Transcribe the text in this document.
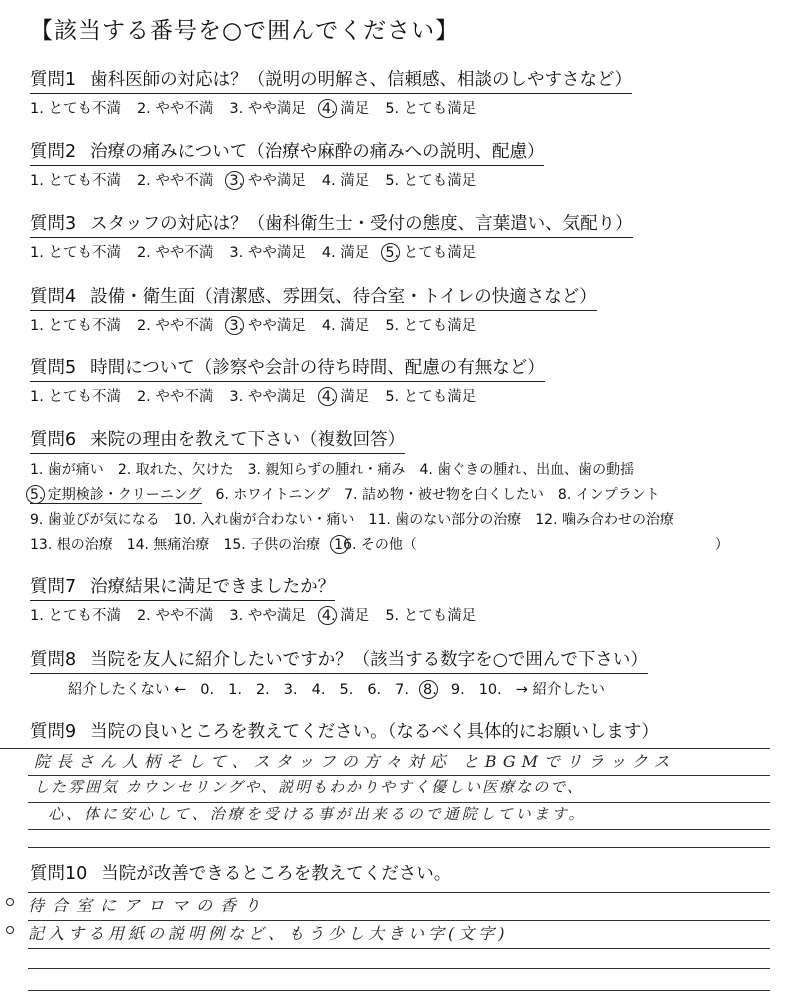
【該当する番号を○で囲んでください】
質問1 歯科医師の対応は？（説明の明解さ、信頼感、相談のしやすさなど）
1. とても不満 2. やや不満 3. やや満足 4. 満足 5. とても満足
質問2 治療の痛みについて（治療や麻酔の痛みへの説明、配慮）
1. とても不満 2. やや不満 3. やや満足 4. 満足 5. とても満足
質問3 スタッフの対応は？（歯科衛生士・受付の態度、言葉遣い、気配り）
1. とても不満 2. やや不満 3. やや満足 4. 満足 5. とても満足
質問4 設備・衛生面（清潔感、雰囲気、待合室・トイレの快適さなど）
1. とても不満 2. やや不満 3. やや満足 4. 満足 5. とても満足
質問5 時間について（診察や会計の待ち時間、配慮の有無など）
1. とても不満 2. やや不満 3. やや満足 4. 満足 5. とても満足
質問6 来院の理由を教えて下さい（複数回答）
1. 歯が痛い 2. 取れた、欠けた 3. 親知らずの腫れ・痛み 4. 歯ぐきの腫れ、出血、歯の動揺
5. 定期検診・クリーニング 6. ホワイトニング 7. 詰め物・被せ物を白くしたい 8. インプラント
9. 歯並びが気になる 10. 入れ歯が合わない・痛い 11. 歯のない部分の治療 12. 噛み合わせの治療
13. 根の治療 14. 無痛治療 15. 子供の治療 16. その他（	）
質問7 治療結果に満足できましたか？
1. とても不満 2. やや不満 3. やや満足 4. 満足 5. とても満足
質問8 当院を友人に紹介したいですか？（該当する数字を○で囲んで下さい）
紹介したくない ← 0. 1. 2. 3. 4. 5. 6. 7. 8. 9. 10. → 紹介したい
質問9 当院の良いところを教えてください。（なるべく具体的にお願いします）
院長さん人柄そして、スタッフの方々対応 とBGMでリラックス
した雰囲気 カウンセリングや、説明もわかりやすく優しい医療なので、
心、体に安心して、治療を受ける事が出来るので通院しています。
質問10 当院が改善できるところを教えてください。
待合室にアロマの香り
記入する用紙の説明例など、もう少し大きい字(文字)
